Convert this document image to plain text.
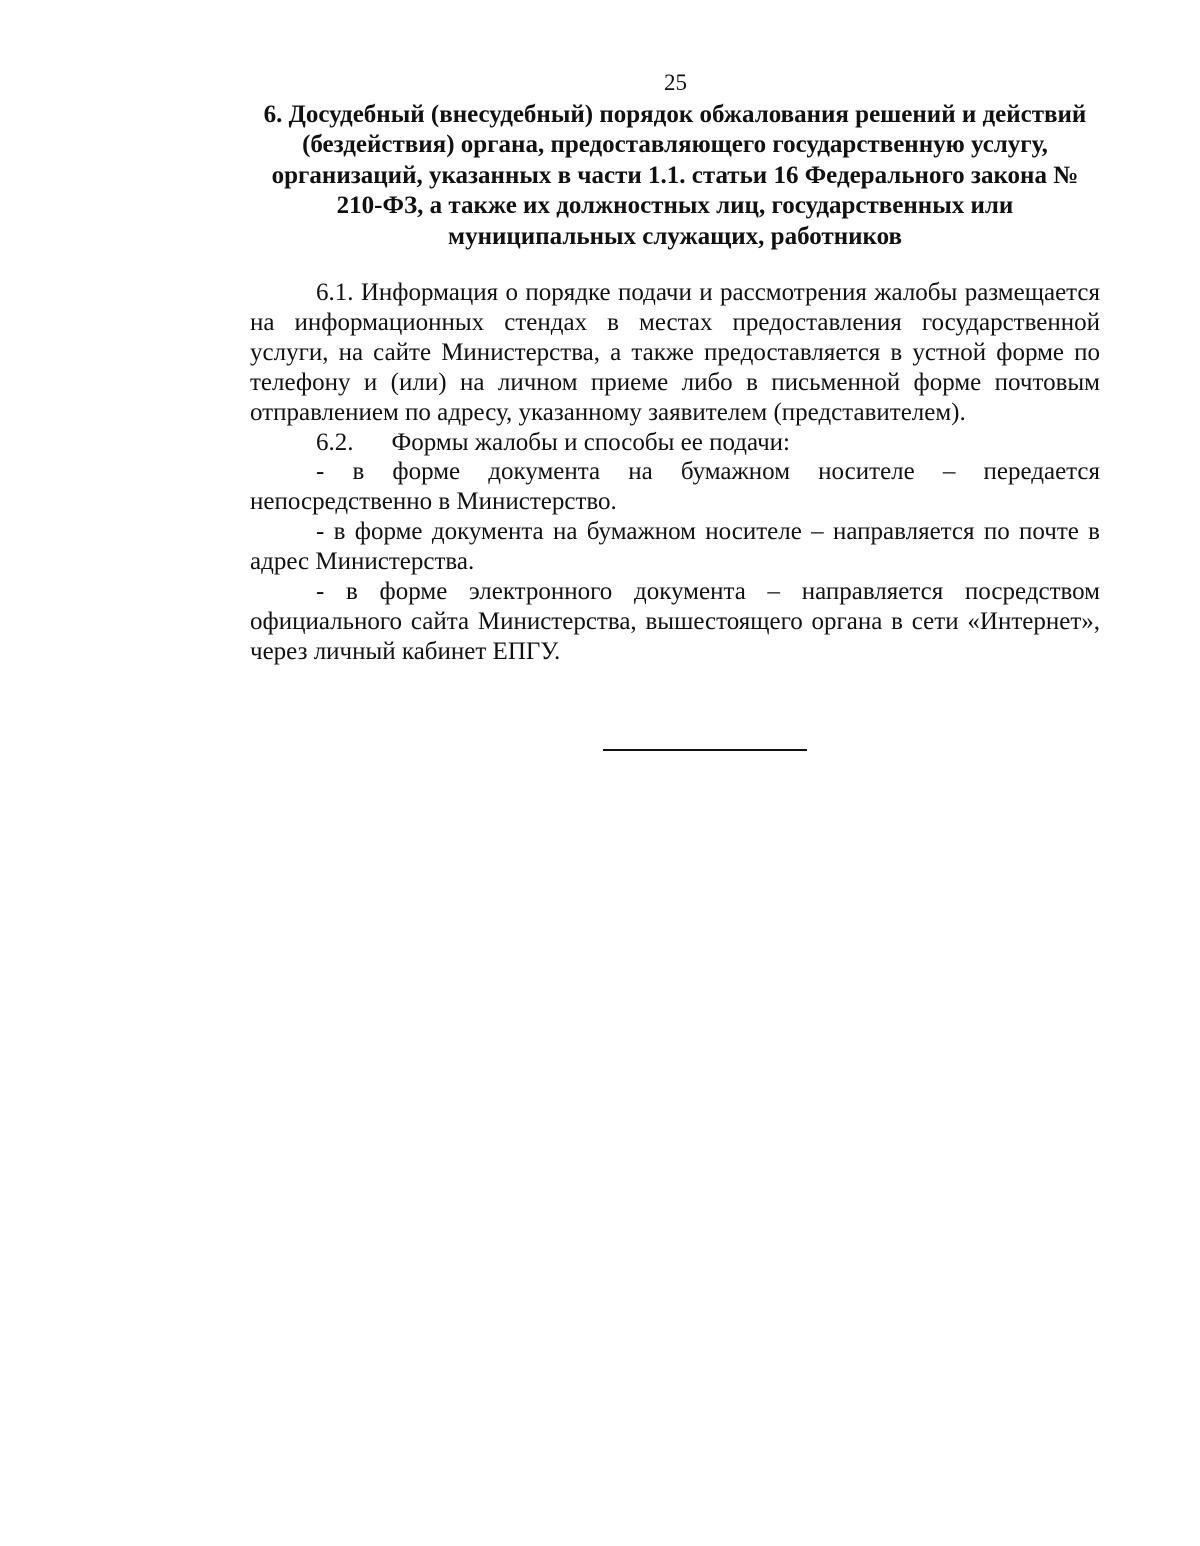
25
6. Досудебный (внесудебный) порядок обжалования решений и действий
(бездействия) органа, предоставляющего государственную услугу,
организаций, указанных в части 1.1. статьи 16 Федерального закона №
210-ФЗ, а также их должностных лиц, государственных или
муниципальных служащих, работников

6.1. Информация о порядке подачи и рассмотрения жалобы размещается на информационных стендах в местах предоставления государственной услуги, на сайте Министерства, а также предоставляется в устной форме по телефону и (или) на личном приеме либо в письменной форме почтовым отправлением по адресу, указанному заявителем (представителем).

6.2. Формы жалобы и способы ее подачи:

- в форме документа на бумажном носителе – передается непосредственно в Министерство.

- в форме документа на бумажном носителе – направляется по почте в адрес Министерства.

- в форме электронного документа – направляется посредством официального сайта Министерства, вышестоящего органа в сети «Интернет», через личный кабинет ЕПГУ.
